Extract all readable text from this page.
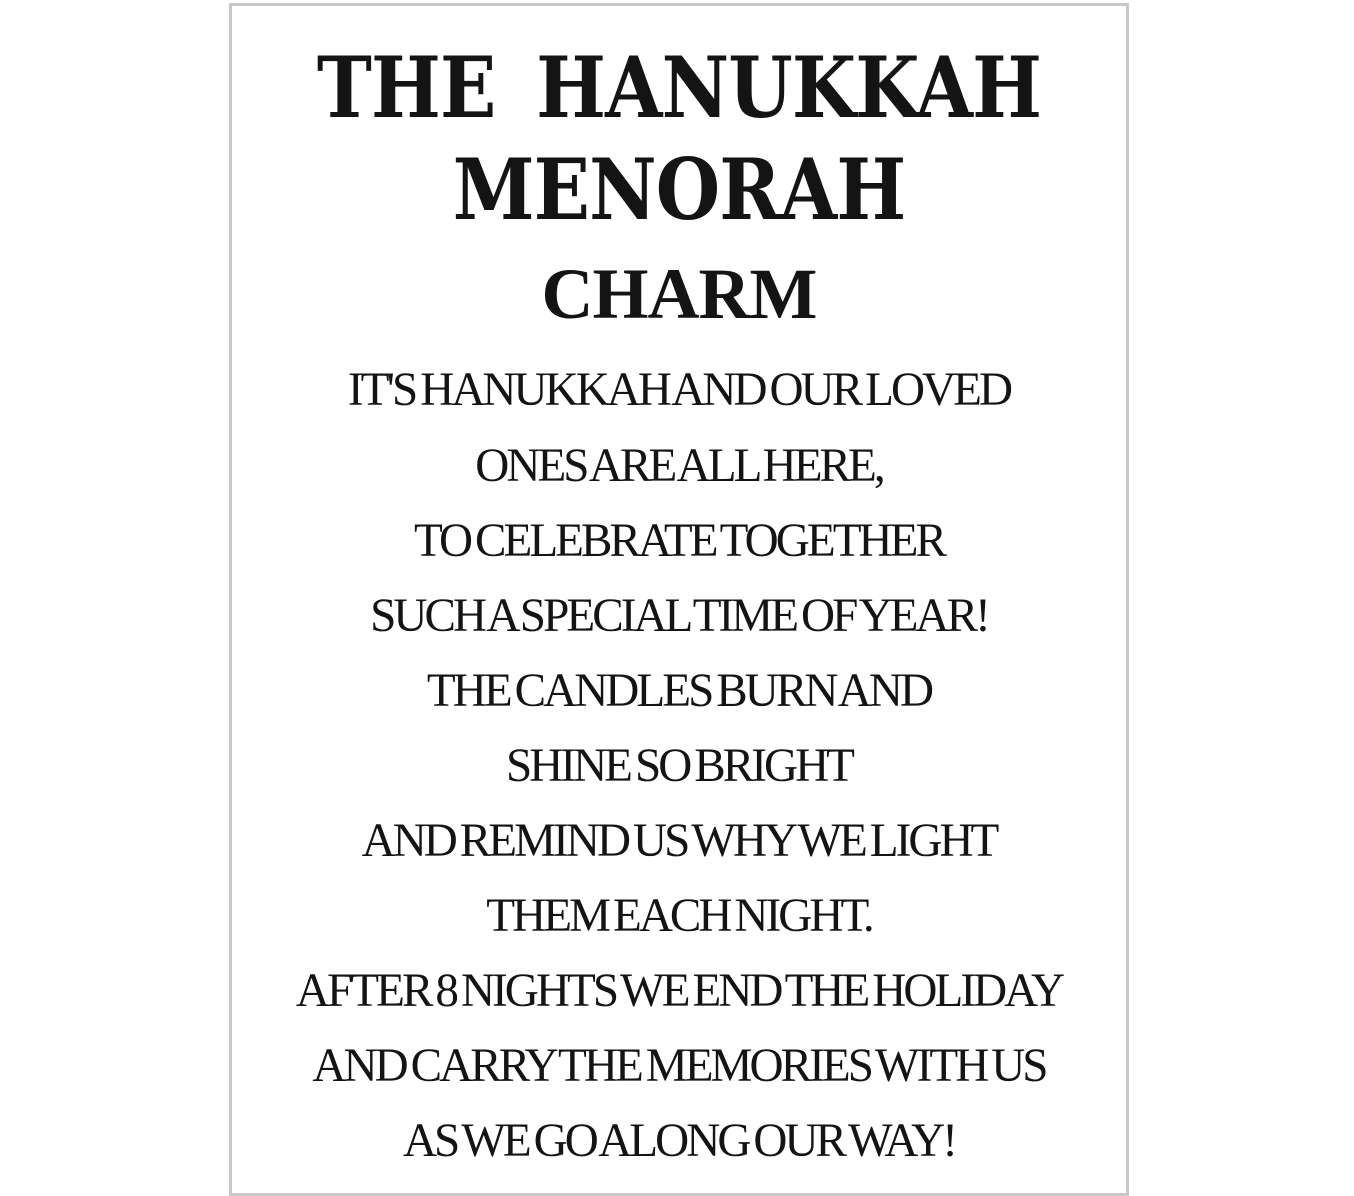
THE HANUKKAH
MENORAH
CHARM

IT'S HANUKKAH AND OUR LOVED

ONES ARE ALL HERE,

TO CELEBRATE TOGETHER

SUCH A SPECIAL TIME OF YEAR!

THE CANDLES BURN AND

SHINE SO BRIGHT

AND REMIND US WHY WE LIGHT

THEM EACH NIGHT.

AFTER 8 NIGHTS WE END THE HOLIDAY

AND CARRY THE MEMORIES WITH US

AS WE GO ALONG OUR WAY!
